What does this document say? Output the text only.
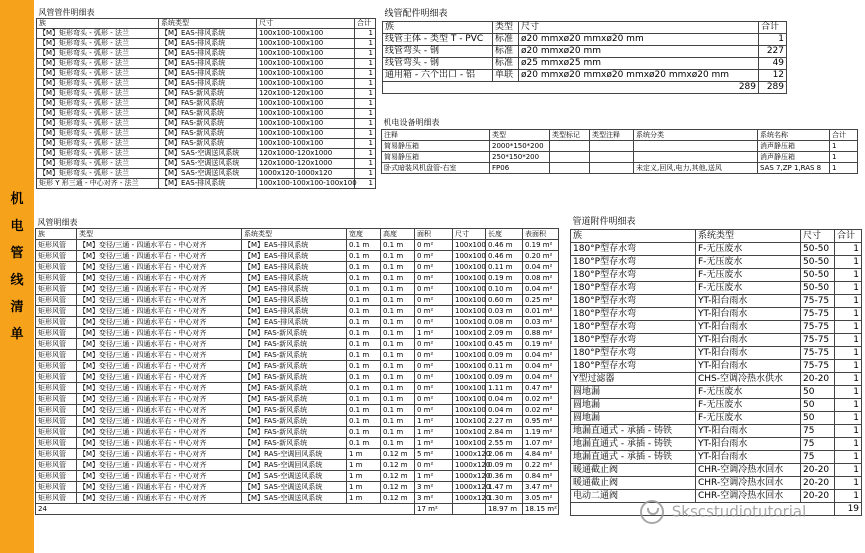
机
电
管
线
清
单
风管管件明细表			
族	系统类型	尺寸	合计
【M】矩形弯头 - 弧形 - 法兰	【M】EAS-排风系统	100x100-100x100	1
【M】矩形弯头 - 弧形 - 法兰	【M】EAS-排风系统	100x100-100x100	1
【M】矩形弯头 - 弧形 - 法兰	【M】EAS-排风系统	100x100-100x100	1
【M】矩形弯头 - 弧形 - 法兰	【M】EAS-排风系统	100x100-100x100	1
【M】矩形弯头 - 弧形 - 法兰	【M】EAS-排风系统	100x100-100x100	1
【M】矩形弯头 - 弧形 - 法兰	【M】EAS-排风系统	100x100-100x100	1
【M】矩形弯头 - 弧形 - 法兰	【M】FAS-新风系统	120x100-120x100	1
【M】矩形弯头 - 弧形 - 法兰	【M】FAS-新风系统	100x100-100x100	1
【M】矩形弯头 - 弧形 - 法兰	【M】FAS-新风系统	100x100-100x100	1
【M】矩形弯头 - 弧形 - 法兰	【M】FAS-新风系统	100x100-100x100	1
【M】矩形弯头 - 弧形 - 法兰	【M】FAS-新风系统	100x100-100x100	1
【M】矩形弯头 - 弧形 - 法兰	【M】FAS-新风系统	100x100-100x100	1
【M】矩形弯头 - 弧形 - 法兰	【M】SAS-空调送风系统	120x1000-120x1000	1
【M】矩形弯头 - 弧形 - 法兰	【M】SAS-空调送风系统	120x1000-120x1000	1
【M】矩形弯头 - 弧形 - 法兰	【M】SAS-空调送风系统	1000x120-1000x120	1
矩形 Y 形三通 - 中心对齐 - 法兰	【M】EAS-排风系统	100x100-100x100-100x100	1
线管配件明细表			
族	类型	尺寸	合计
线管主体 - 类型 T - PVC	标准	ø20 mmxø20 mmxø20 mm	1
线管弯头 - 钢	标准	ø20 mmxø20 mm	227
线管弯头 - 钢	标准	ø25 mmxø25 mm	49
通用箱 - 六个出口 - 铝	单联	ø20 mmxø20 mmxø20 mmxø20 mmxø20 mm	12
289			289
机电设备明细表						
注释	类型	类型标记	类型注释	系统分类	系统名称	合计
简易静压箱	2000*150*200				消声静压箱	1
简易静压箱	250*150*200				消声静压箱	1
卧式暗装风机盘管-右室	FP06			未定义,回风,电力,其他,送风	SAS 7,ZP 1,RAS 8	1
风管明细表								
族	类型	系统类型	宽度	高度	面积	尺寸	长度	表面积
矩形风管	【M】变径/三通 - 四通水平右 - 中心对齐	【M】EAS-排风系统	0.1 m	0.1 m	0 m²	100x100	0.46 m	0.19 m²
矩形风管	【M】变径/三通 - 四通水平右 - 中心对齐	【M】EAS-排风系统	0.1 m	0.1 m	0 m²	100x100	0.46 m	0.20 m²
矩形风管	【M】变径/三通 - 四通水平右 - 中心对齐	【M】EAS-排风系统	0.1 m	0.1 m	0 m²	100x100	0.11 m	0.04 m²
矩形风管	【M】变径/三通 - 四通水平右 - 中心对齐	【M】EAS-排风系统	0.1 m	0.1 m	0 m²	100x100	0.19 m	0.08 m²
矩形风管	【M】变径/三通 - 四通水平右 - 中心对齐	【M】EAS-排风系统	0.1 m	0.1 m	0 m²	100x100	0.10 m	0.04 m²
矩形风管	【M】变径/三通 - 四通水平右 - 中心对齐	【M】EAS-排风系统	0.1 m	0.1 m	0 m²	100x100	0.60 m	0.25 m²
矩形风管	【M】变径/三通 - 四通水平右 - 中心对齐	【M】EAS-排风系统	0.1 m	0.1 m	0 m²	100x100	0.03 m	0.01 m²
矩形风管	【M】变径/三通 - 四通水平右 - 中心对齐	【M】EAS-排风系统	0.1 m	0.1 m	0 m²	100x100	0.08 m	0.03 m²
矩形风管	【M】变径/三通 - 四通水平右 - 中心对齐	【M】FAS-新风系统	0.1 m	0.1 m	1 m²	100x100	2.09 m	0.88 m²
矩形风管	【M】变径/三通 - 四通水平右 - 中心对齐	【M】FAS-新风系统	0.1 m	0.1 m	0 m²	100x100	0.45 m	0.19 m²
矩形风管	【M】变径/三通 - 四通水平右 - 中心对齐	【M】FAS-新风系统	0.1 m	0.1 m	0 m²	100x100	0.09 m	0.04 m²
矩形风管	【M】变径/三通 - 四通水平右 - 中心对齐	【M】FAS-新风系统	0.1 m	0.1 m	0 m²	100x100	0.11 m	0.04 m²
矩形风管	【M】变径/三通 - 四通水平右 - 中心对齐	【M】FAS-新风系统	0.1 m	0.1 m	0 m²	100x100	0.09 m	0.04 m²
矩形风管	【M】变径/三通 - 四通水平右 - 中心对齐	【M】FAS-新风系统	0.1 m	0.1 m	0 m²	100x100	1.11 m	0.47 m²
矩形风管	【M】变径/三通 - 四通水平右 - 中心对齐	【M】FAS-新风系统	0.1 m	0.1 m	0 m²	100x100	0.04 m	0.02 m²
矩形风管	【M】变径/三通 - 四通水平右 - 中心对齐	【M】FAS-新风系统	0.1 m	0.1 m	0 m²	100x100	0.04 m	0.02 m²
矩形风管	【M】变径/三通 - 四通水平右 - 中心对齐	【M】FAS-新风系统	0.1 m	0.1 m	1 m²	100x100	2.27 m	0.95 m²
矩形风管	【M】变径/三通 - 四通水平右 - 中心对齐	【M】FAS-新风系统	0.1 m	0.1 m	1 m²	100x100	2.84 m	1.19 m²
矩形风管	【M】变径/三通 - 四通水平右 - 中心对齐	【M】FAS-新风系统	0.1 m	0.1 m	1 m²	100x100	2.55 m	1.07 m²
矩形风管	【M】变径/三通 - 四通水平右 - 中心对齐	【M】RAS-空调回风系统	1 m	0.12 m	5 m²	1000x120	2.06 m	4.84 m²
矩形风管	【M】变径/三通 - 四通水平右 - 中心对齐	【M】RAS-空调回风系统	1 m	0.12 m	0 m²	1000x120	0.09 m	0.22 m²
矩形风管	【M】变径/三通 - 四通水平右 - 中心对齐	【M】SAS-空调送风系统	1 m	0.12 m	1 m²	1000x120	0.36 m	0.84 m²
矩形风管	【M】变径/三通 - 四通水平右 - 中心对齐	【M】SAS-空调送风系统	1 m	0.12 m	3 m²	1000x120	1.47 m	3.47 m²
矩形风管	【M】变径/三通 - 四通水平右 - 中心对齐	【M】SAS-空调送风系统	1 m	0.12 m	3 m²	1000x120	1.30 m	3.05 m²
24					17 m²		18.97 m	18.15 m²
管道附件明细表			
族	系统类型	尺寸	合计
180°P型存水弯	F-无压废水	50-50	1
180°P型存水弯	F-无压废水	50-50	1
180°P型存水弯	F-无压废水	50-50	1
180°P型存水弯	F-无压废水	50-50	1
180°P型存水弯	YT-阳台雨水	75-75	1
180°P型存水弯	YT-阳台雨水	75-75	1
180°P型存水弯	YT-阳台雨水	75-75	1
180°P型存水弯	YT-阳台雨水	75-75	1
180°P型存水弯	YT-阳台雨水	75-75	1
180°P型存水弯	YT-阳台雨水	75-75	1
Y型过滤器	CHS-空调冷热水供水	20-20	1
圆地漏	F-无压废水	50	1
圆地漏	F-无压废水	50	1
圆地漏	F-无压废水	50	1
地漏直通式 - 承插 - 铸铁	YT-阳台雨水	75	1
地漏直通式 - 承插 - 铸铁	YT-阳台雨水	75	1
地漏直通式 - 承插 - 铸铁	YT-阳台雨水	75	1
暖通截止阀	CHR-空调冷热水回水	20-20	1
暖通截止阀	CHR-空调冷热水回水	20-20	1
电动二通阀	CHR-空调冷热水回水	20-20	1
			19
Skscstudiotutorial
